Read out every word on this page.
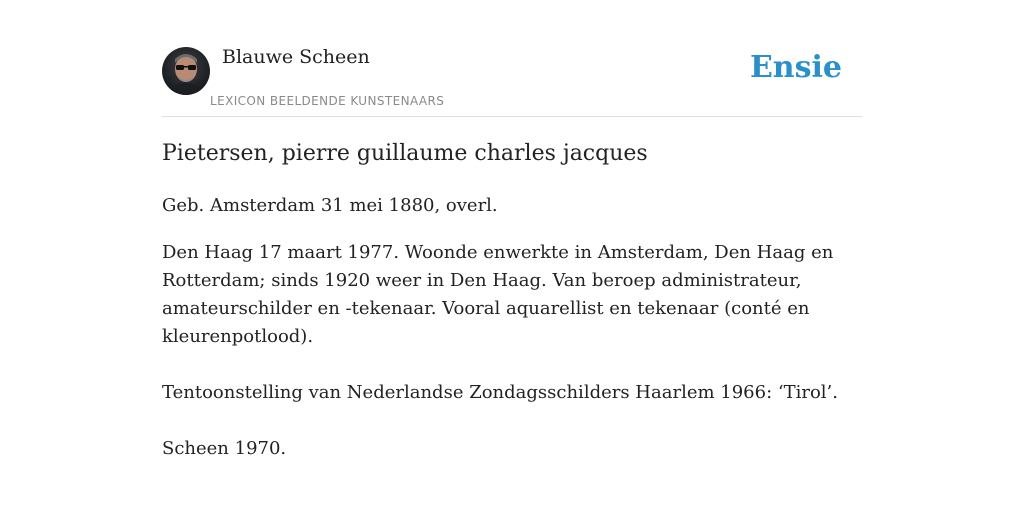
Blauwe Scheen
LEXICON BEELDENDE KUNSTENAARS
Ensie
Pietersen, pierre guillaume charles jacques

Geb. Amsterdam 31 mei 1880, overl.

Den Haag 17 maart 1977. Woonde enwerkte in Amsterdam, Den Haag en Rotterdam; sinds 1920 weer in Den Haag. Van beroep administrateur, amateurschilder en -tekenaar. Vooral aquarellist en tekenaar (conté en kleurenpotlood).

Tentoonstelling van Nederlandse Zondagsschilders Haarlem 1966: ‘Tirol’.

Scheen 1970.
